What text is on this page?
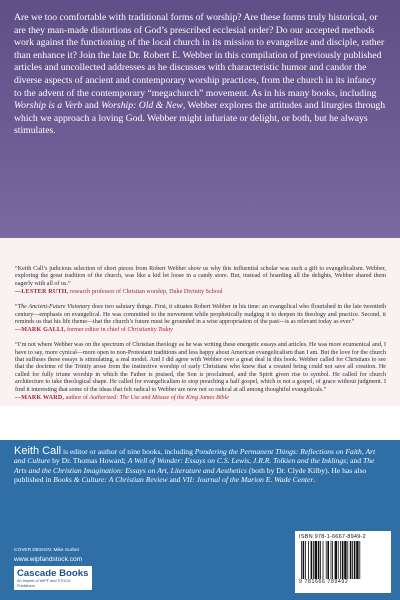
Are we too comfortable with traditional forms of worship? Are these forms truly historical, or are they man-made distortions of God’s prescribed ecclesial order? Do our accepted methods work against the functioning of the local church in its mission to evangelize and disciple, rather than enhance it? Join the late Dr. Robert E. Webber in this compilation of previously published articles and uncollected addresses as he discusses with characteristic humor and candor the diverse aspects of ancient and contemporary worship practices, from the church in its infancy to the advent of the contemporary “megachurch” movement. As in his many books, including Worship is a Verb and Worship: Old & New, Webber explores the attitudes and liturgies through which we approach a loving God. Webber might infuriate or delight, or both, but he always stimulates.

“Keith Call’s judicious selection of short pieces from Robert Webber show us why this influential scholar was such a gift to evangelicalism. Webber, exploring the great tradition of the church, was like a kid let loose in a candy store. But, instead of hoarding all the delights, Webber shared them eagerly with all of us.”

—LESTER RUTH, research professor of Christian worship, Duke Divinity School

“The Ancient-Future Visionary does two salutary things. First, it situates Robert Webber in his time: an evangelical who flourished in the late twentieth century—emphasis on evangelical. He was committed to the movement while prophetically nudging it to deepen its theology and practice. Second, it reminds us that his life theme—that the church’s future must be grounded in a wise appropriation of the past—is as relevant today as ever.”

—MARK GALLI, former editor in chief of Christianity Today

“I’m not where Webber was on the spectrum of Christian theology as he was writing these energetic essays and articles. He was more ecumenical and, I have to say, more cynical—more open to non-Protestant traditions and less happy about American evangelicalism than I am. But the love for the church that suffuses these essays is stimulating, a real model. And I did agree with Webber over a great deal in this book. Webber called for Christians to see that the doctrine of the Trinity arose from the instinctive worship of early Christians who knew that a created being could not save all creation. He called for fully triune worship in which the Father is praised, the Son is proclaimed, and the Spirit given rise to symbol. He called for church architecture to take theological shape. He called for evangelicalism to stop preaching a half gospel, which is not a gospel, of grace without judgment. I find it interesting that some of the ideas that felt radical to Webber are now not so radical at all among thoughtful evangelicals.”

—MARK WARD, author of Authorized: The Use and Misuse of the King James Bible

Keith Call is editor or author of nine books, including Pondering the Permanent Things: Reflections on Faith, Art and Culture by Dr. Thomas Howard; A Well of Wonder: Essays on C.S. Lewis, J.R.R. Tolkien and the Inklings; and The Arts and the Christian Imagination: Essays on Art, Literature and Aesthetics (both by Dr. Clyde Kilby). He has also published in Books & Culture: A Christian Review and VII: Journal of the Marion E. Wade Center.

COVER DESIGN: Mike Surber
www.wipfandstock.com
Cascade Books
An Imprint of WIPF and STOCK Publishers
ISBN 978-1-6667-8949-2
9 781666 789492
